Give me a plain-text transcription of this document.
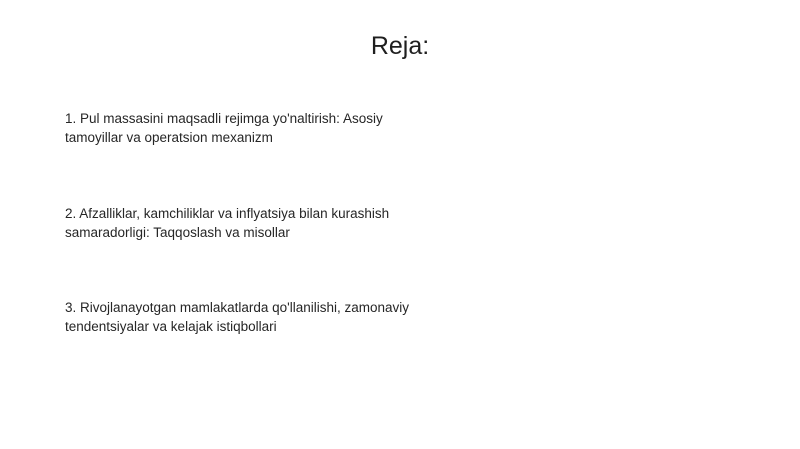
Reja:
1. Pul massasini maqsadli rejimga yo'naltirish: Asosiy tamoyillar va operatsion mexanizm
2. Afzalliklar, kamchiliklar va inflyatsiya bilan kurashish samaradorligi: Taqqoslash va misollar
3. Rivojlanayotgan mamlakatlarda qo'llanilishi, zamonaviy tendentsiyalar va kelajak istiqbollari
